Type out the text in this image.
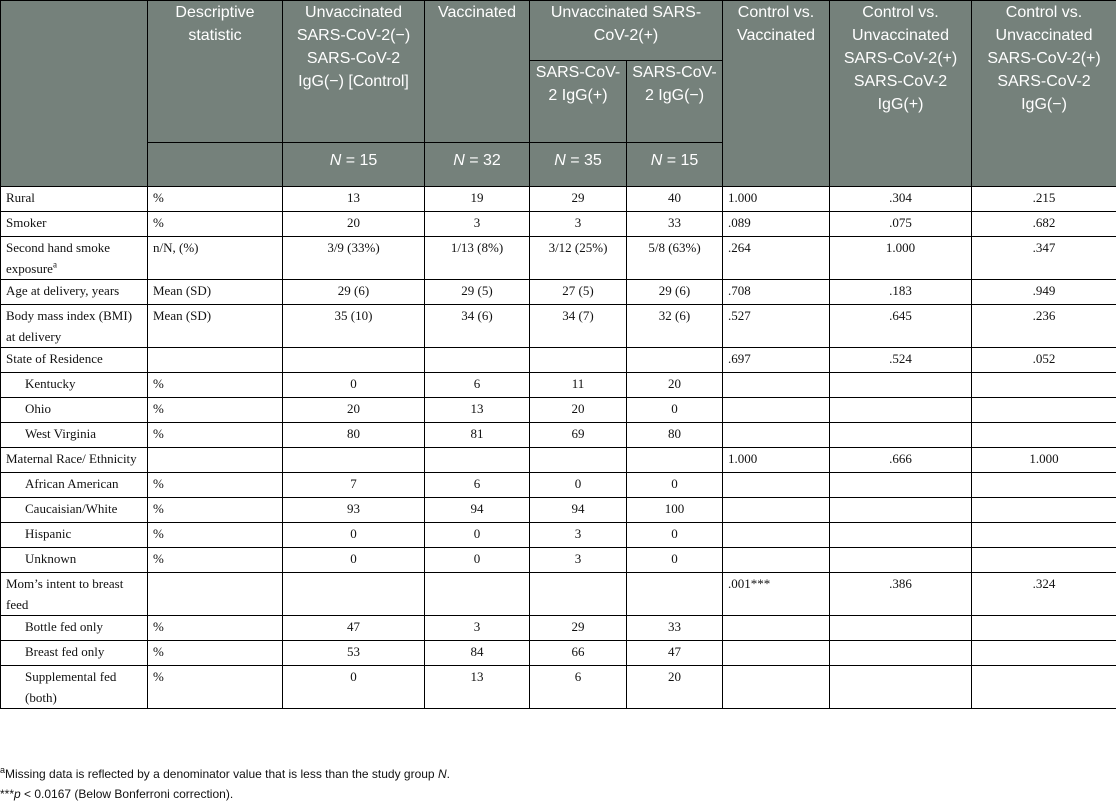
	Descriptive statistic	Unvaccinated SARS-CoV-2(−) SARS-CoV-2 IgG(−) [Control]	Vaccinated	Unvaccinated SARS-CoV-2(+)		Control vs. Vaccinated	Control vs. Unvaccinated SARS-CoV-2(+) SARS-CoV-2 IgG(+)	Control vs. Unvaccinated SARS-CoV-2(+) SARS-CoV-2 IgG(−)
				SARS-CoV-2 IgG(+)	SARS-CoV-2 IgG(−)			
		N = 15	N = 32	N = 35	N = 15			
Rural	%	13	19	29	40	1.000	.304	.215
Smoker	%	20	3	3	33	.089	.075	.682
Second hand smoke exposure$^a$	n/N, (%)	3/9 (33%)	1/13 (8%)	3/12 (25%)	5/8 (63%)	.264	1.000	.347
Age at delivery, years	Mean (SD)	29 (6)	29 (5)	27 (5)	29 (6)	.708	.183	.949
Body mass index (BMI) at delivery	Mean (SD)	35 (10)	34 (6)	34 (7)	32 (6)	.527	.645	.236
State of Residence						.697	.524	.052
Kentucky	%	0	6	11	20			
Ohio	%	20	13	20	0			
West Virginia	%	80	81	69	80			
Maternal Race/ Ethnicity						1.000	.666	1.000
African American	%	7	6	0	0			
Caucaisian/White	%	93	94	94	100			
Hispanic	%	0	0	3	0			
Unknown	%	0	0	3	0			
Mom’s intent to breast feed						.001***	.386	.324
Bottle fed only	%	47	3	29	33			
Breast fed only	%	53	84	66	47			
Supplemental fed (both)	%	0	13	6	20			

$^a$Missing data is reflected by a denominator value that is less than the study group N.

***p < 0.0167 (Below Bonferroni correction).
